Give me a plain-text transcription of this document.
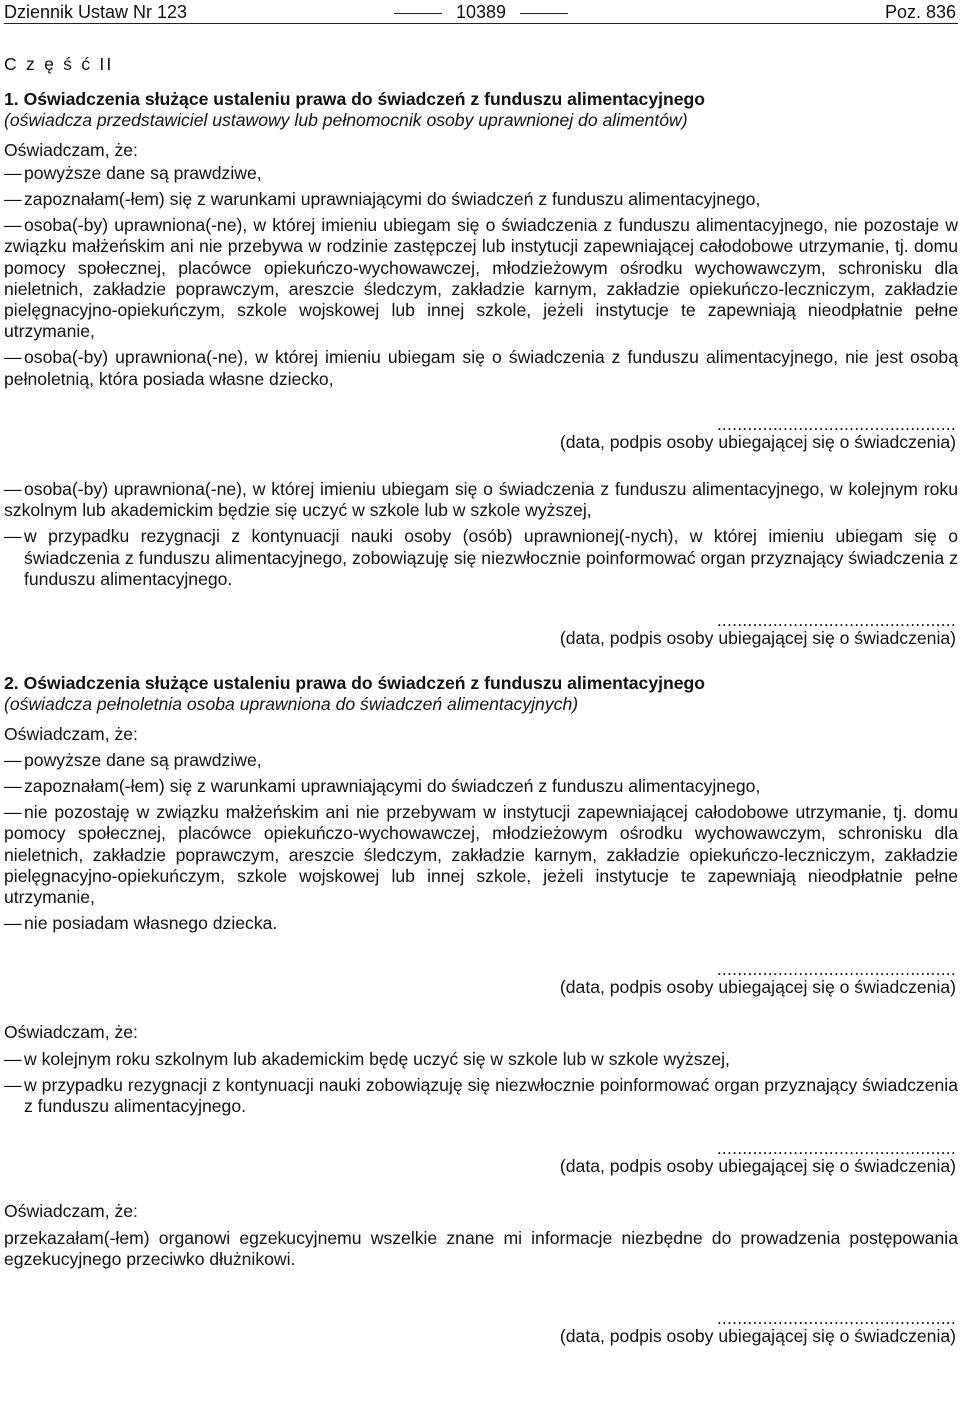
Dziennik Ustaw Nr 123	10389	Poz. 836
C z ę ś ć II
1. Oświadczenia służące ustaleniu prawa do świadczeń z funduszu alimentacyjnego
(oświadcza przedstawiciel ustawowy lub pełnomocnik osoby uprawnionej do alimentów)
Oświadczam, że:
— powyższe dane są prawdziwe,
— zapoznałam(-łem) się z warunkami uprawniającymi do świadczeń z funduszu alimentacyjnego,
— osoba(-by) uprawniona(-ne), w której imieniu ubiegam się o świadczenia z funduszu alimentacyjnego, nie pozostaje w związku małżeńskim ani nie przebywa w rodzinie zastępczej lub instytucji zapewniającej całodobowe utrzymanie, tj. domu pomocy społecznej, placówce opiekuńczo-wychowawczej, młodzieżowym ośrodku wychowawczym, schronisku dla nieletnich, zakładzie poprawczym, areszcie śledczym, zakładzie karnym, zakładzie opiekuńczo-leczniczym, zakładzie pielęgnacyjno-opiekuńczym, szkole wojskowej lub innej szkole, jeżeli instytucje te zapewniają nieodpłatnie pełne utrzymanie,
— osoba(-by) uprawniona(-ne), w której imieniu ubiegam się o świadczenia z funduszu alimentacyjnego, nie jest osobą pełnoletnią, która posiada własne dziecko,
...............................................
(data, podpis osoby ubiegającej się o świadczenia)
— osoba(-by) uprawniona(-ne), w której imieniu ubiegam się o świadczenia z funduszu alimentacyjnego, w kolejnym roku szkolnym lub akademickim będzie się uczyć w szkole lub w szkole wyższej,
— w przypadku rezygnacji z kontynuacji nauki osoby (osób) uprawnionej(-nych), w której imieniu ubiegam się o świadczenia z funduszu alimentacyjnego, zobowiązuję się niezwłocznie poinformować organ przyznający świadczenia z funduszu alimentacyjnego.
...............................................
(data, podpis osoby ubiegającej się o świadczenia)
2. Oświadczenia służące ustaleniu prawa do świadczeń z funduszu alimentacyjnego
(oświadcza pełnoletnia osoba uprawniona do świadczeń alimentacyjnych)
Oświadczam, że:
— powyższe dane są prawdziwe,
— zapoznałam(-łem) się z warunkami uprawniającymi do świadczeń z funduszu alimentacyjnego,
— nie pozostaję w związku małżeńskim ani nie przebywam w instytucji zapewniającej całodobowe utrzymanie, tj. domu pomocy społecznej, placówce opiekuńczo-wychowawczej, młodzieżowym ośrodku wychowawczym, schronisku dla nieletnich, zakładzie poprawczym, areszcie śledczym, zakładzie karnym, zakładzie opiekuńczo-leczniczym, zakładzie pielęgnacyjno-opiekuńczym, szkole wojskowej lub innej szkole, jeżeli instytucje te zapewniają nieodpłatnie pełne utrzymanie,
— nie posiadam własnego dziecka.
...............................................
(data, podpis osoby ubiegającej się o świadczenia)
Oświadczam, że:
— w kolejnym roku szkolnym lub akademickim będę uczyć się w szkole lub w szkole wyższej,
— w przypadku rezygnacji z kontynuacji nauki zobowiązuję się niezwłocznie poinformować organ przyznający świadczenia z funduszu alimentacyjnego.
...............................................
(data, podpis osoby ubiegającej się o świadczenia)
Oświadczam, że:
przekazałam(-łem) organowi egzekucyjnemu wszelkie znane mi informacje niezbędne do prowadzenia postępowania egzekucyjnego przeciwko dłużnikowi.
...............................................
(data, podpis osoby ubiegającej się o świadczenia)
